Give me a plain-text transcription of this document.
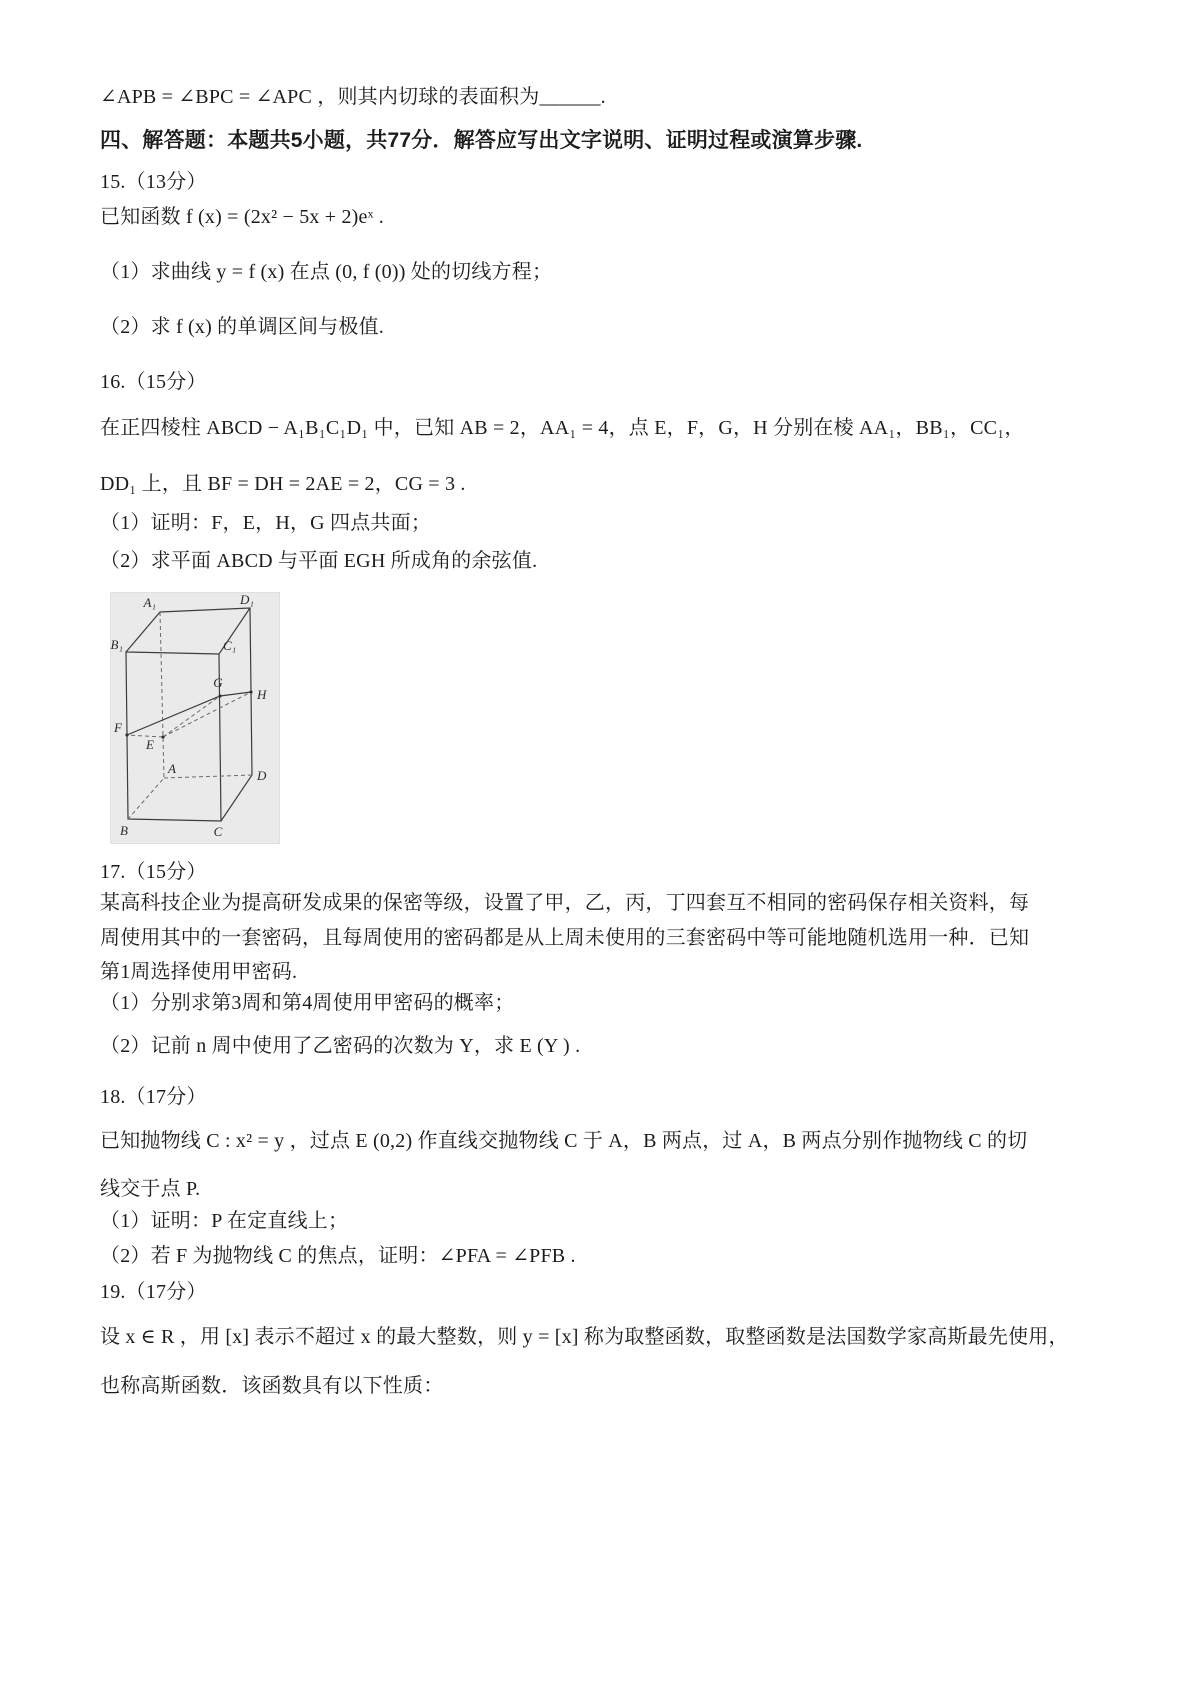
∠APB = ∠BPC = ∠APC ，则其内切球的表面积为______.

四、解答题：本题共5小题，共77分．解答应写出文字说明、证明过程或演算步骤.

15.（13分）

已知函数 f (x) = (2x² − 5x + 2)eˣ .

（1）求曲线 y = f (x) 在点 (0, f (0)) 处的切线方程；

（2）求 f (x) 的单调区间与极值.

16.（15分）

在正四棱柱 ABCD − A₁B₁C₁D₁ 中，已知 AB = 2，AA₁ = 4，点 E，F，G，H 分别在棱 AA₁，BB₁，CC₁，

DD₁ 上，且 BF = DH = 2AE = 2，CG = 3 .

（1）证明：F，E，H，G 四点共面；

（2）求平面 ABCD 与平面 EGH 所成角的余弦值.

A₁	D₁
B₁	C₁
G
H
F
E
A	D
B	C

17.（15分）

某高科技企业为提高研发成果的保密等级，设置了甲，乙，丙，丁四套互不相同的密码保存相关资料，每

周使用其中的一套密码，且每周使用的密码都是从上周未使用的三套密码中等可能地随机选用一种．已知

第1周选择使用甲密码.

（1）分别求第3周和第4周使用甲密码的概率；

（2）记前 n 周中使用了乙密码的次数为 Y，求 E (Y ) .

18.（17分）

已知抛物线 C : x² = y ，过点 E (0,2) 作直线交抛物线 C 于 A，B 两点，过 A，B 两点分别作抛物线 C 的切

线交于点 P.

（1）证明：P 在定直线上；

（2）若 F 为抛物线 C 的焦点，证明：∠PFA = ∠PFB .

19.（17分）

设 x ∈ R ，用 [x] 表示不超过 x 的最大整数，则 y = [x] 称为取整函数，取整函数是法国数学家高斯最先使用，

也称高斯函数．该函数具有以下性质：
